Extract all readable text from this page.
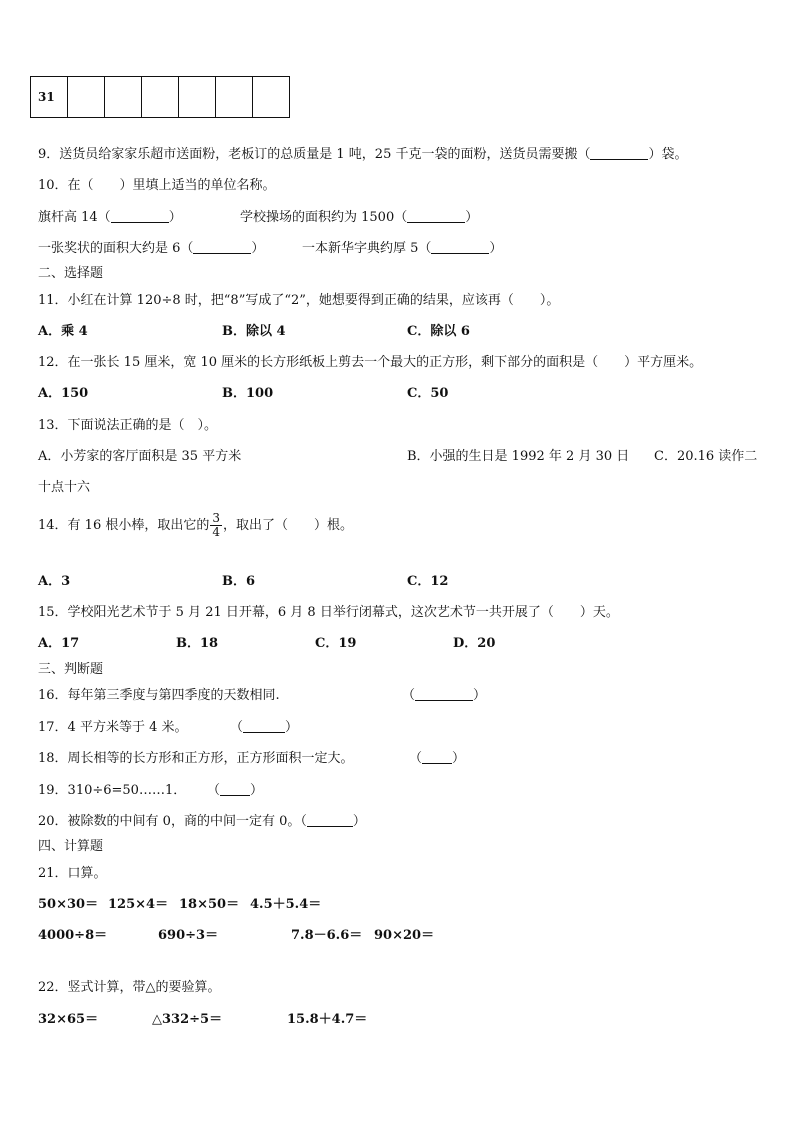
31						
9．送货员给家家乐超市送面粉，老板订的总质量是 1 吨，25 千克一袋的面粉，送货员需要搬（	）袋。
10．在（　　）里填上适当的单位名称。
旗杆高 14（	）	学校操场的面积约为 1500（	）
一张奖状的面积大约是 6（	）	一本新华字典约厚 5（	）
二、选择题
11．小红在计算 120÷8 时，把“8”写成了“2”，她想要得到正确的结果，应该再（　　）。
A．乘 4	B．除以 4	C．除以 6
12．在一张长 15 厘米，宽 10 厘米的长方形纸板上剪去一个最大的正方形，剩下部分的面积是（　　）平方厘米。
A．150	B．100	C．50
13．下面说法正确的是（　）。
A．小芳家的客厅面积是 35 平方米	B．小强的生日是 1992 年 2 月 30 日 C．20.16 读作二
十点十六
14．有 16 根小棒，取出它的 $\frac{3}{4}$ ，取出了（　　）根。
A．3	B．6	C．12
15．学校阳光艺术节于 5 月 21 日开幕，6 月 8 日举行闭幕式，这次艺术节一共开展了（　　）天。
A．17	B．18	C．19	D．20
三、判断题
16．每年第三季度与第四季度的天数相同.	（	）
17．4 平方米等于 4 米。	（	）
18．周长相等的长方形和正方形，正方形面积一定大。	（ ）
19．310÷6=50……1． （ ）
20．被除数的中间有 0，商的中间一定有 0。（	）
四、计算题
21．口算。
50×30＝ 125×4＝ 18×50＝ 4.5＋5.4＝
4000÷8＝	690÷3＝	7.8－6.6＝ 90×20＝
22．竖式计算，带△的要验算。
32×65＝	△332÷5＝	15.8＋4.7＝
